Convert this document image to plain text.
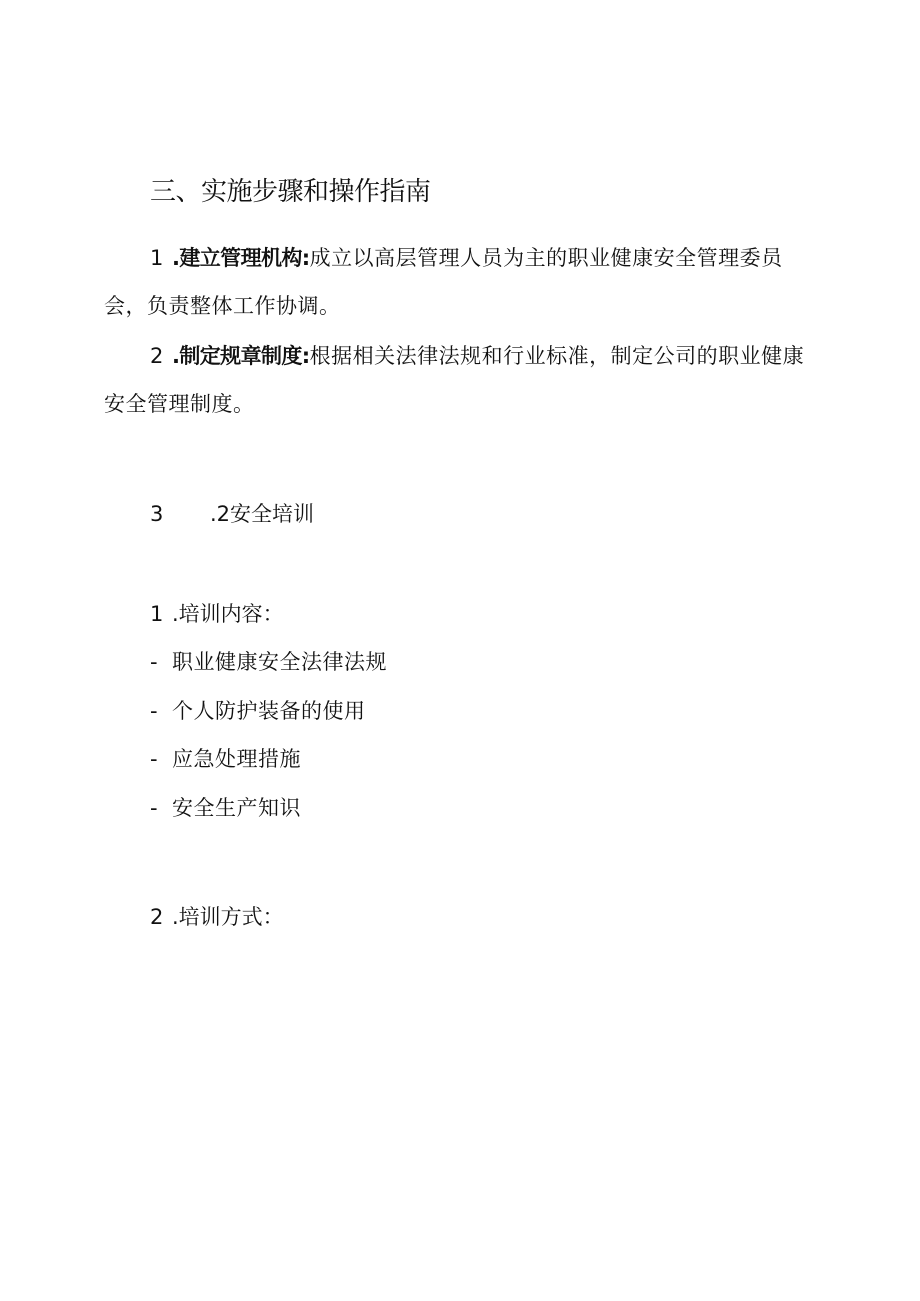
三、实施步骤和操作指南

1 .建立管理机构:成立以高层管理人员为主的职业健康安全管理委员会，负责整体工作协调。

2 .制定规章制度:根据相关法律法规和行业标准，制定公司的职业健康安全管理制度。

3 .2安全培训
1 .培训内容：
- 职业健康安全法律法规
- 个人防护装备的使用
- 应急处理措施
- 安全生产知识
2 .培训方式：
